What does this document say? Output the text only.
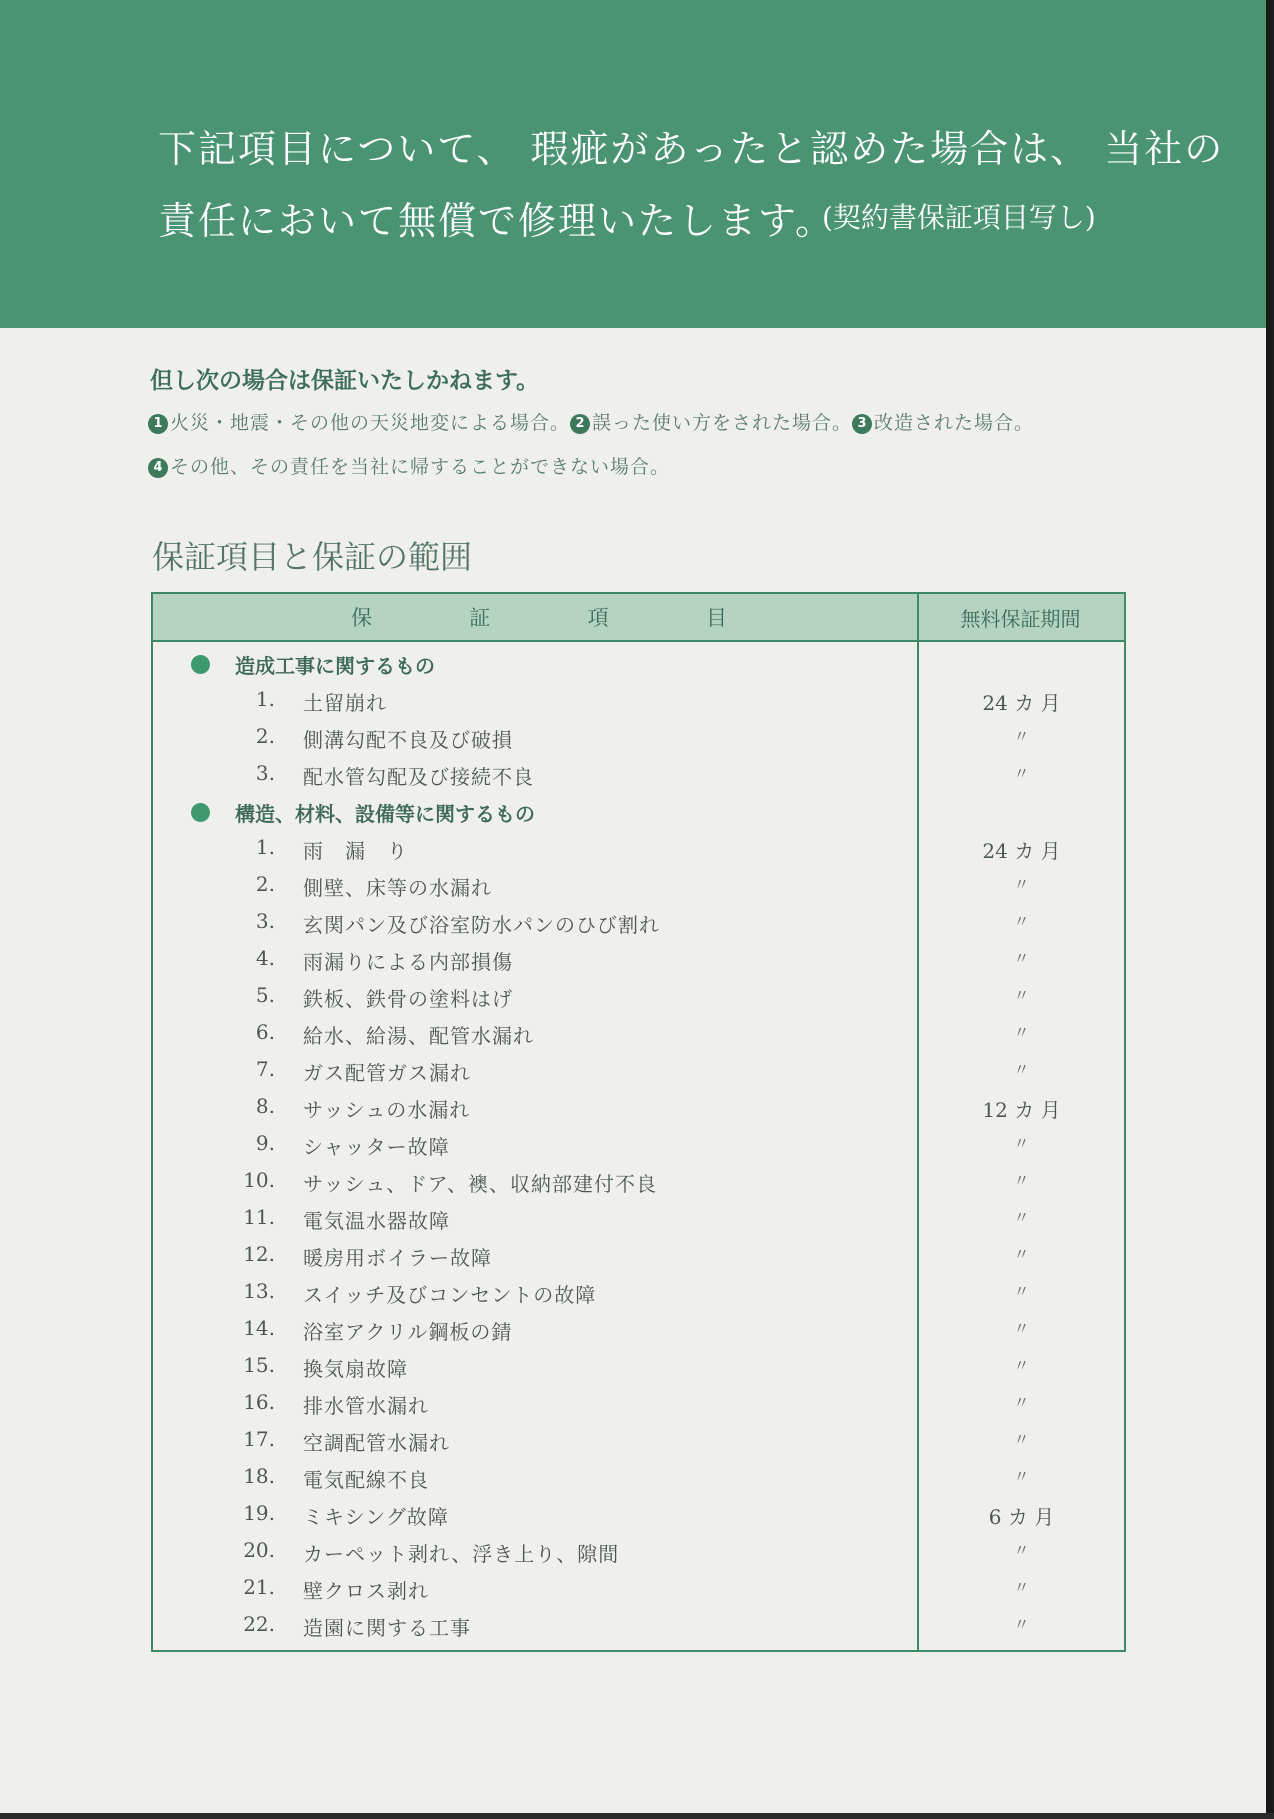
下記項目について、 瑕疵があったと認めた場合は、 当社の
責任において無償で修理いたします。
(契約書保証項目写し)
但し次の場合は保証いたしかねます。
1 火災・地震・その他の天災地変による場合。 2 誤った使い方をされた場合。 3 改造された場合。
4 その他、その責任を当社に帰することができない場合。
保証項目と保証の範囲
保	証	項	目	無料保証期間
造成工事に関するもの
1. 土留崩れ	24 カ 月
2. 側溝勾配不良及び破損	〃
3. 配水管勾配及び接続不良	〃
構造、材料、設備等に関するもの
1. 雨　漏　り	24 カ 月
2. 側壁、床等の水漏れ	〃
3. 玄関パン及び浴室防水パンのひび割れ	〃
4. 雨漏りによる内部損傷	〃
5. 鉄板、鉄骨の塗料はげ	〃
6. 給水、給湯、配管水漏れ	〃
7. ガス配管ガス漏れ	〃
8. サッシュの水漏れ	12 カ 月
9. シャッター故障	〃
10. サッシュ、ドア、襖、収納部建付不良	〃
11. 電気温水器故障	〃
12. 暖房用ボイラー故障	〃
13. スイッチ及びコンセントの故障	〃
14. 浴室アクリル鋼板の錆	〃
15. 換気扇故障	〃
16. 排水管水漏れ	〃
17. 空調配管水漏れ	〃
18. 電気配線不良	〃
19. ミキシング故障	6 カ 月
20. カーペット剥れ、浮き上り、隙間	〃
21. 壁クロス剥れ	〃
22. 造園に関する工事	〃
